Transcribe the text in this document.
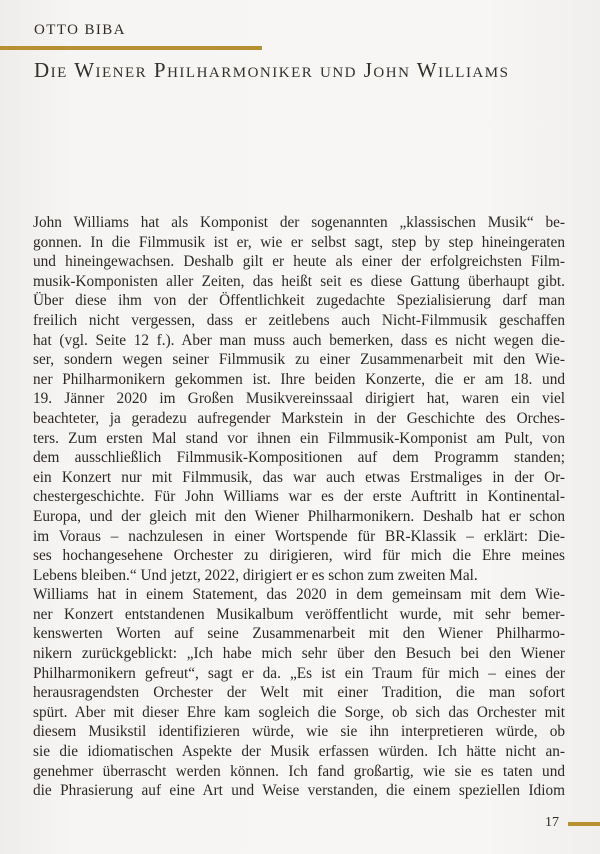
OTTO BIBA
Die Wiener Philharmoniker und John Williams
John Williams hat als Komponist der sogenannten „klassischen Musik“ be-
gonnen. In die Filmmusik ist er, wie er selbst sagt, step by step hineingeraten
und hineingewachsen. Deshalb gilt er heute als einer der erfolgreichsten Film-
musik-Komponisten aller Zeiten, das heißt seit es diese Gattung überhaupt gibt.
Über diese ihm von der Öffentlichkeit zugedachte Spezialisierung darf man
freilich nicht vergessen, dass er zeitlebens auch Nicht-Filmmusik geschaffen
hat (vgl. Seite 12 f.). Aber man muss auch bemerken, dass es nicht wegen die-
ser, sondern wegen seiner Filmmusik zu einer Zusammenarbeit mit den Wie-
ner Philharmonikern gekommen ist. Ihre beiden Konzerte, die er am 18. und
19. Jänner 2020 im Großen Musikvereinssaal dirigiert hat, waren ein viel
beachteter, ja geradezu aufregender Markstein in der Geschichte des Orches-
ters. Zum ersten Mal stand vor ihnen ein Filmmusik-Komponist am Pult, von
dem ausschließlich Filmmusik-Kompositionen auf dem Programm standen;
ein Konzert nur mit Filmmusik, das war auch etwas Erstmaliges in der Or-
chestergeschichte. Für John Williams war es der erste Auftritt in Kontinental-
Europa, und der gleich mit den Wiener Philharmonikern. Deshalb hat er schon
im Voraus – nachzulesen in einer Wortspende für BR-Klassik – erklärt: Die-
ses hochangesehene Orchester zu dirigieren, wird für mich die Ehre meines
Lebens bleiben.“ Und jetzt, 2022, dirigiert er es schon zum zweiten Mal.
Williams hat in einem Statement, das 2020 in dem gemeinsam mit dem Wie-
ner Konzert entstandenen Musikalbum veröffentlicht wurde, mit sehr bemer-
kenswerten Worten auf seine Zusammenarbeit mit den Wiener Philharmo-
nikern zurückgeblickt: „Ich habe mich sehr über den Besuch bei den Wiener
Philharmonikern gefreut“, sagt er da. „Es ist ein Traum für mich – eines der
herausragendsten Orchester der Welt mit einer Tradition, die man sofort
spürt. Aber mit dieser Ehre kam sogleich die Sorge, ob sich das Orchester mit
diesem Musikstil identifizieren würde, wie sie ihn interpretieren würde, ob
sie die idiomatischen Aspekte der Musik erfassen würden. Ich hätte nicht an-
genehmer überrascht werden können. Ich fand großartig, wie sie es taten und
die Phrasierung auf eine Art und Weise verstanden, die einem speziellen Idiom
17
